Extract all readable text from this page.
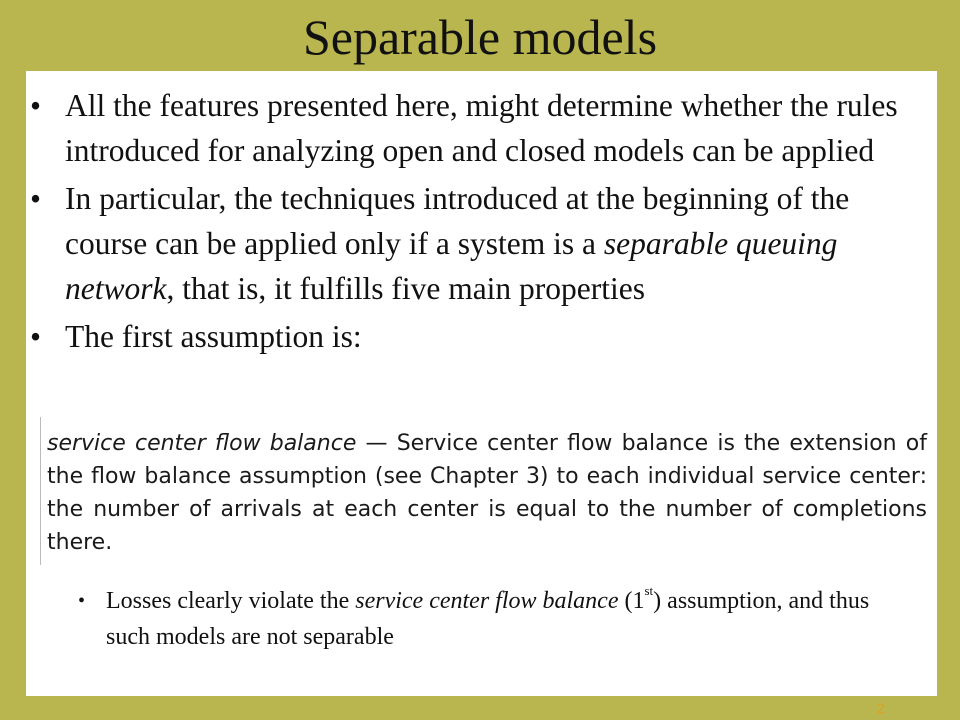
Separable models
• All the features presented here, might determine whether the rules introduced for analyzing open and closed models can be applied
• In particular, the techniques introduced at the beginning of the course can be applied only if a system is a separable queuing network, that is, it fulfills five main properties
• The first assumption is:

service center flow balance — Service center flow balance is the extension of the flow balance assumption (see Chapter 3) to each individual service center: the number of arrivals at each center is equal to the number of completions there.

• Losses clearly violate the service center flow balance (1st) assumption, and thus such models are not separable
2
